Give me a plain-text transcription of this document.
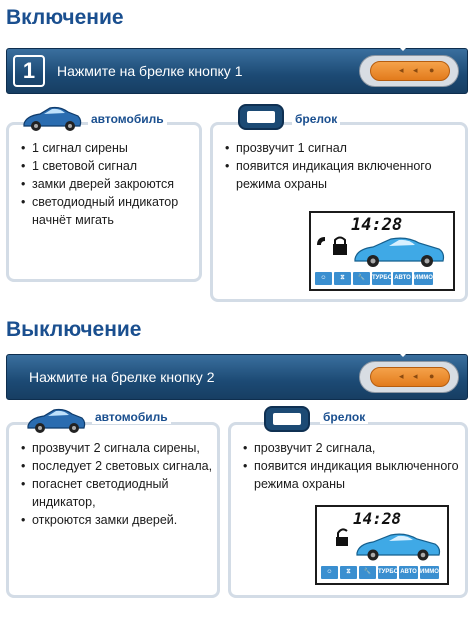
Включение
1	Нажмите на брелке кнопку 1	◂ ◂ ●
• 1 сигнал сирены
• 1 световой сигнал
• замки дверей закроются
• светодиодный индикатор начнёт мигать
автомобиль
• прозвучит 1 сигнал
• появится индикация включенного режима охраны
14:28
☺	⧖	🔧	ТУРБО АВТО ИММО
брелок
Выключение
Нажмите на брелке кнопку 2	◂ ◂ ●
• прозвучит 2 сигнала сирены,
• последует 2 световых сигнала,
• погаснет светодиодный индикатор,
• откроются замки дверей.
автомобиль
• прозвучит 2 сигнала,
• появится индикация выключенного режима охраны
14:28
☺	⧖	🔧	ТУРБО АВТО ИММО
брелок
